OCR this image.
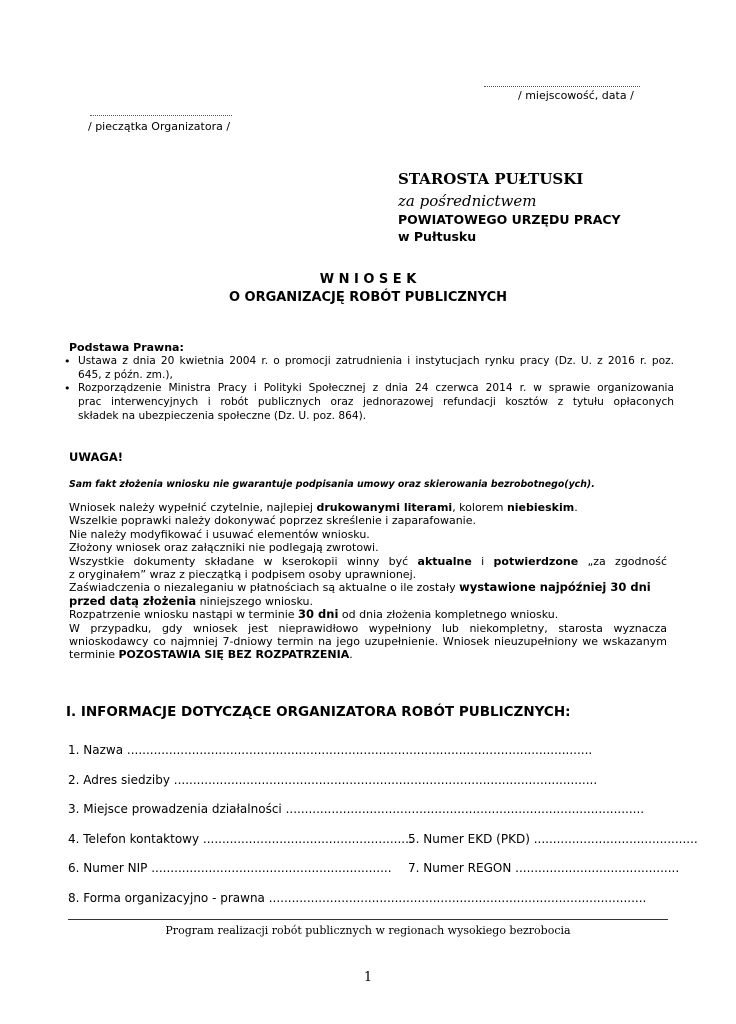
/ miejscowość, data /
/ pieczątka Organizatora /
STAROSTA PUŁTUSKI
za pośrednictwem
POWIATOWEGO URZĘDU PRACY
w Pułtusku
W N I O S E K
O ORGANIZACJĘ ROBÓT PUBLICZNYCH
Podstawa Prawna:
• Ustawa z dnia 20 kwietnia 2004 r. o promocji zatrudnienia i instytucjach rynku pracy (Dz. U. z 2016 r. poz.
645, z późn. zm.),
• Rozporządzenie Ministra Pracy i Polityki Społecznej z dnia 24 czerwca 2014 r. w sprawie organizowania
prac interwencyjnych i robót publicznych oraz jednorazowej refundacji kosztów z tytułu opłaconych
składek na ubezpieczenia społeczne (Dz. U. poz. 864).
UWAGA!
Sam fakt złożenia wniosku nie gwarantuje podpisania umowy oraz skierowania bezrobotnego(ych).
Wniosek należy wypełnić czytelnie, najlepiej drukowanymi literami, kolorem niebieskim.
Wszelkie poprawki należy dokonywać poprzez skreślenie i zaparafowanie.
Nie należy modyfikować i usuwać elementów wniosku.
Złożony wniosek oraz załączniki nie podlegają zwrotowi.
Wszystkie dokumenty składane w kserokopii winny być aktualne i potwierdzone „za zgodność
z oryginałem” wraz z pieczątką i podpisem osoby uprawnionej.
Zaświadczenia o niezaleganiu w płatnościach są aktualne o ile zostały wystawione najpóźniej 30 dni
przed datą złożenia niniejszego wniosku.
Rozpatrzenie wniosku nastąpi w terminie 30 dni od dnia złożenia kompletnego wniosku.
W przypadku, gdy wniosek jest nieprawidłowo wypełniony lub niekompletny, starosta wyznacza
wnioskodawcy co najmniej 7-dniowy termin na jego uzupełnienie. Wniosek nieuzupełniony we wskazanym
terminie POZOSTAWIA SIĘ BEZ ROZPATRZENIA.
I. INFORMACJE DOTYCZĄCE ORGANIZATORA ROBÓT PUBLICZNYCH:
1. Nazwa ..........................................................................................................................
2. Adres siedziby ...............................................................................................................
3. Miejsce prowadzenia działalności ..............................................................................................
4. Telefon kontaktowy .......................................................
5. Numer EKD (PKD) ...........................................
6. Numer NIP ...............................................................	7. Numer REGON ...........................................
8. Forma organizacyjno - prawna ...................................................................................................
Program realizacji robót publicznych w regionach wysokiego bezrobocia
1
